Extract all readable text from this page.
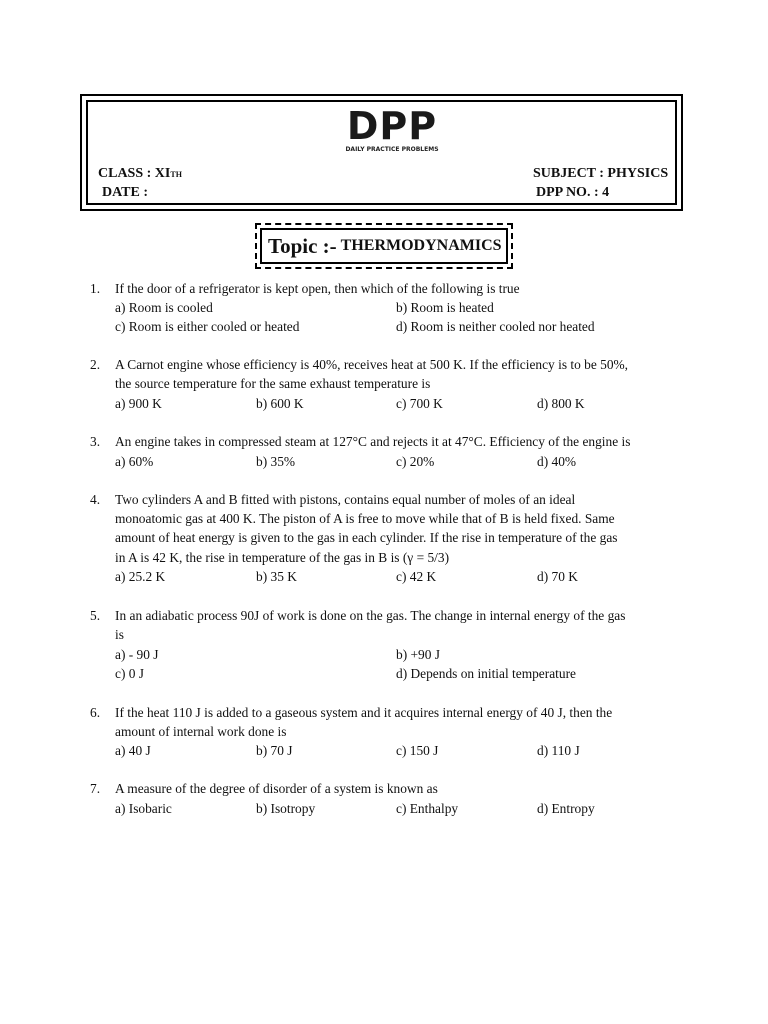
DPP
DAILY PRACTICE PROBLEMS
CLASS : XIth
DATE :
SUBJECT : PHYSICS
DPP NO. : 4
Topic :- THERMODYNAMICS
1. If the door of a refrigerator is kept open, then which of the following is true
a) Room is cooled	b) Room is heated
c) Room is either cooled or heated	d) Room is neither cooled nor heated
2. A Carnot engine whose efficiency is 40%, receives heat at 500 K. If the efficiency is to be 50%,
the source temperature for the same exhaust temperature is
a) 900 K	b) 600 K	c) 700 K	d) 800 K
3. An engine takes in compressed steam at 127°C and rejects it at 47°C. Efficiency of the engine is
a) 60%	b) 35%	c) 20%	d) 40%
4. Two cylinders A and B fitted with pistons, contains equal number of moles of an ideal
monoatomic gas at 400 K. The piston of A is free to move while that of B is held fixed. Same
amount of heat energy is given to the gas in each cylinder. If the rise in temperature of the gas
in A is 42 K, the rise in temperature of the gas in B is (γ = 5/3)
a) 25.2 K	b) 35 K	c) 42 K	d) 70 K
5. In an adiabatic process 90J of work is done on the gas. The change in internal energy of the gas
is
a) - 90 J	b) +90 J
c) 0 J	d) Depends on initial temperature
6. If the heat 110 J is added to a gaseous system and it acquires internal energy of 40 J, then the
amount of internal work done is
a) 40 J	b) 70 J	c) 150 J	d) 110 J
7. A measure of the degree of disorder of a system is known as
a) Isobaric	b) Isotropy	c) Enthalpy	d) Entropy
